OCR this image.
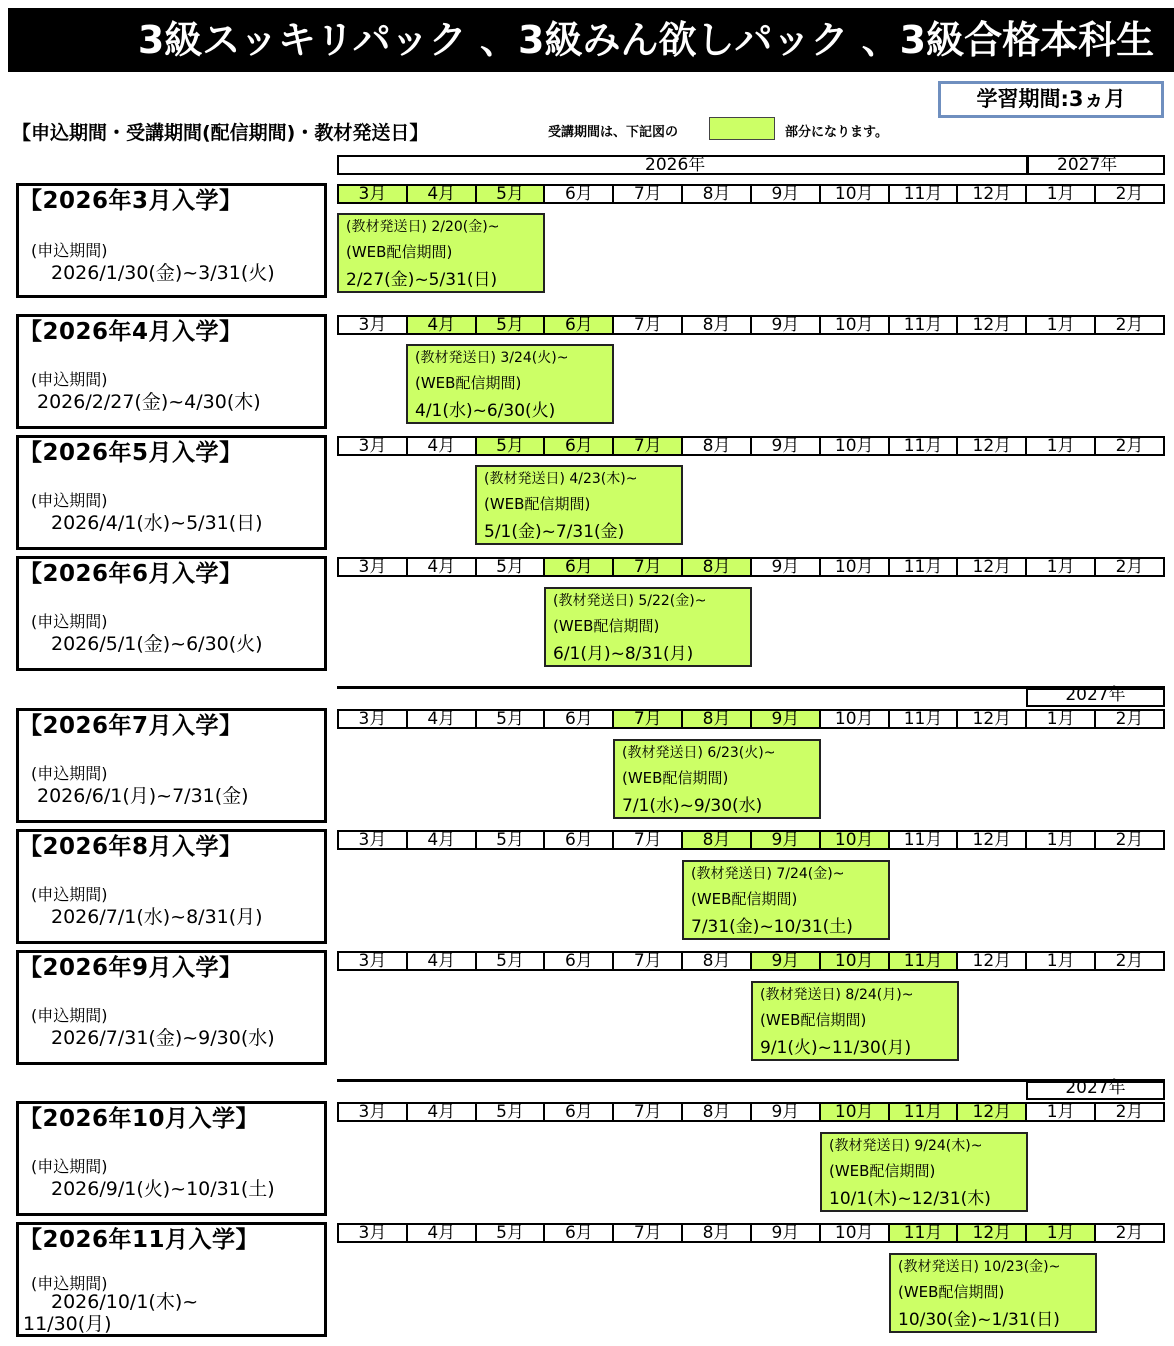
3級スッキリパック 、3級みん欲しパック 、3級合格本科生
学習期間:3ヵ月
【申込期間・受講期間(配信期間)・教材発送日】	受講期間は、下記図の	部分になります。
2026年	2027年
2027年
2027年
【2026年3月入学】
(申込期間)
2026/1/30(金)~3/31(火)
3月	4月	5月	6月	7月	8月	9月	10月	11月	12月	1月	2月
(教材発送日) 2/20(金)~
(WEB配信期間)
2/27(金)~5/31(日)
【2026年4月入学】
(申込期間)
2026/2/27(金)~4/30(木)
3月	4月	5月	6月	7月	8月	9月	10月	11月	12月	1月	2月
(教材発送日) 3/24(火)~
(WEB配信期間)
4/1(水)~6/30(火)
【2026年5月入学】
(申込期間)
2026/4/1(水)~5/31(日)
3月	4月	5月	6月	7月	8月	9月	10月	11月	12月	1月	2月
(教材発送日) 4/23(木)~
(WEB配信期間)
5/1(金)~7/31(金)
【2026年6月入学】
(申込期間)
2026/5/1(金)~6/30(火)
3月	4月	5月	6月	7月	8月	9月	10月	11月	12月	1月	2月
(教材発送日) 5/22(金)~
(WEB配信期間)
6/1(月)~8/31(月)
【2026年7月入学】
(申込期間)
2026/6/1(月)~7/31(金)
3月	4月	5月	6月	7月	8月	9月	10月	11月	12月	1月	2月
(教材発送日) 6/23(火)~
(WEB配信期間)
7/1(水)~9/30(水)
【2026年8月入学】
(申込期間)
2026/7/1(水)~8/31(月)
3月	4月	5月	6月	7月	8月	9月	10月	11月	12月	1月	2月
(教材発送日) 7/24(金)~
(WEB配信期間)
7/31(金)~10/31(土)
【2026年9月入学】
(申込期間)
2026/7/31(金)~9/30(水)
3月	4月	5月	6月	7月	8月	9月	10月	11月	12月	1月	2月
(教材発送日) 8/24(月)~
(WEB配信期間)
9/1(火)~11/30(月)
【2026年10月入学】
(申込期間)
2026/9/1(火)~10/31(土)
3月	4月	5月	6月	7月	8月	9月	10月	11月	12月	1月	2月
(教材発送日) 9/24(木)~
(WEB配信期間)
10/1(木)~12/31(木)
【2026年11月入学】
(申込期間)
2026/10/1(木)~
11/30(月)
3月	4月	5月	6月	7月	8月	9月	10月	11月	12月	1月	2月
(教材発送日) 10/23(金)~
(WEB配信期間)
10/30(金)~1/31(日)
